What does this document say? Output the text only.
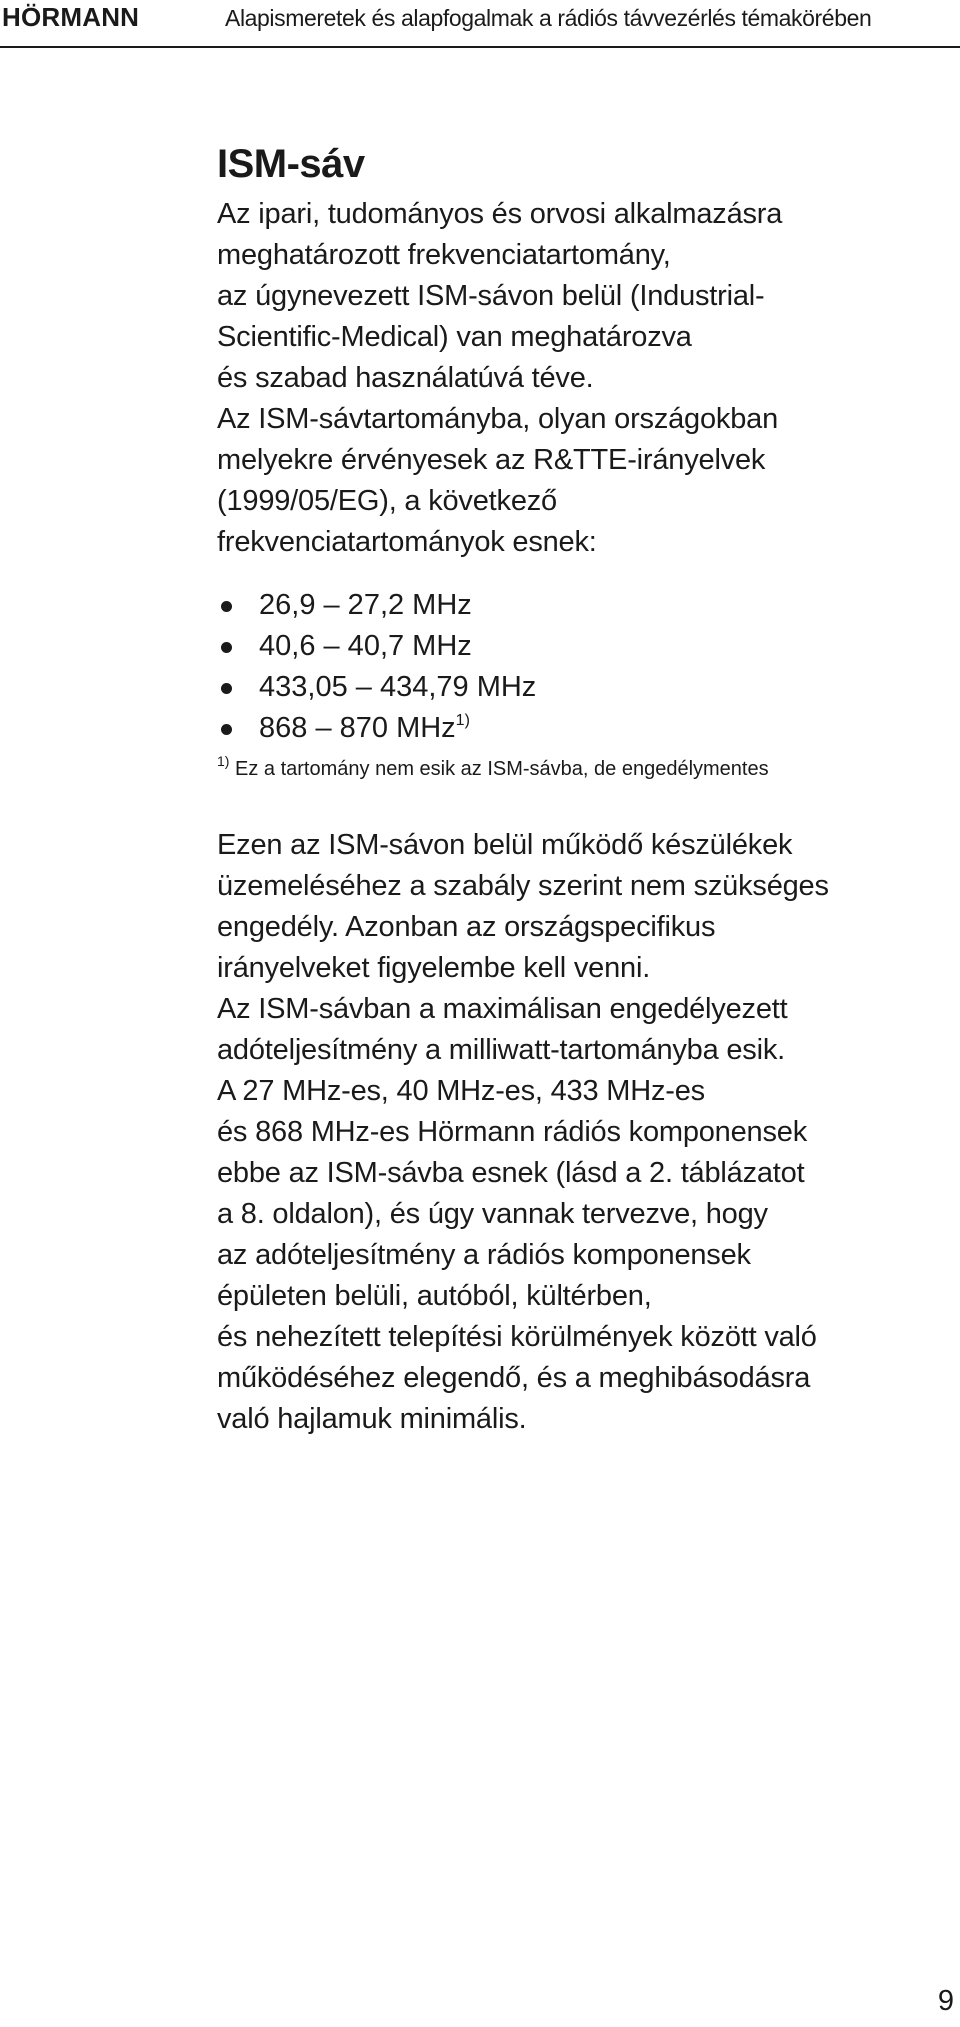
HÖRMANN	Alapismeretek és alapfogalmak a rádiós távvezérlés témakörében
ISM-sáv

Az ipari, tudományos és orvosi alkalmazásra
meghatározott frekvenciatartomány,
az úgynevezett ISM-sávon belül (Industrial-
Scientific-Medical) van meghatározva
és szabad használatúvá téve.

Az ISM-sávtartományba, olyan országokban
melyekre érvényesek az R&TTE-irányelvek
(1999/05/EG), a következő
frekvenciatartományok esnek:

26,9 – 27,2 MHz
40,6 – 40,7 MHz
433,05 – 434,79 MHz
868 – 870 MHz$^{1)}$

$^{1)}$ Ez a tartomány nem esik az ISM-sávba, de engedélymentes

Ezen az ISM-sávon belül működő készülékek
üzemeléséhez a szabály szerint nem szükséges
engedély. Azonban az országspecifikus
irányelveket figyelembe kell venni.

Az ISM-sávban a maximálisan engedélyezett
adóteljesítmény a milliwatt-tartományba esik.

A 27 MHz-es, 40 MHz-es, 433 MHz-es
és 868 MHz-es Hörmann rádiós komponensek
ebbe az ISM-sávba esnek (lásd a 2. táblázatot
a 8. oldalon), és úgy vannak tervezve, hogy
az adóteljesítmény a rádiós komponensek
épületen belüli, autóból, kültérben,
és nehezített telepítési körülmények között való
működéséhez elegendő, és a meghibásodásra
való hajlamuk minimális.

9
